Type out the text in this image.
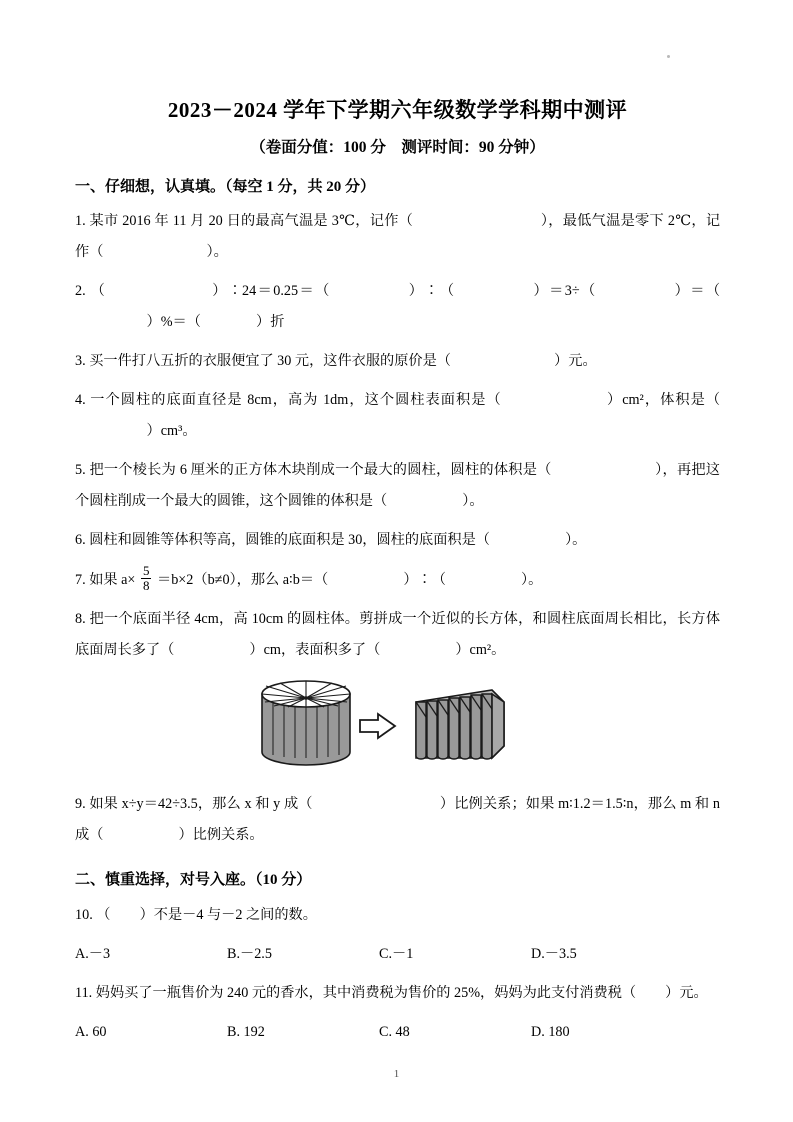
2023－2024 学年下学期六年级数学学科期中测评
（卷面分值：100 分　测评时间：90 分钟）
一、仔细想，认真填。（每空 1 分，共 20 分）

1. 某市 2016 年 11 月 20 日的最高气温是 3℃，记作（	），最低气温是零下 2℃，记作（	）。

2. （	）∶24＝0.25＝（	）∶（	）＝3÷（	）＝（  ）%＝（	）折

3. 买一件打八五折的衣服便宜了 30 元，这件衣服的原价是（	）元。

4. 一个圆柱的底面直径是 8cm，高为 1dm，这个圆柱表面积是（	）cm²，体积是（  ）cm³。

5. 把一个棱长为 6 厘米的正方体木块削成一个最大的圆柱，圆柱的体积是（	），再把这个圆柱削成一个最大的圆锥，这个圆锥的体积是（	）。

6. 圆柱和圆锥等体积等高，圆锥的底面积是 30，圆柱的底面积是（	）。

7. 如果 $a\times \frac{5}{8} =b\times 2(b\ne 0)$，那么 a∶b＝（	）∶（	）。

8. 把一个底面半径 4cm，高 10cm 的圆柱体。剪拼成一个近似的长方体，和圆柱底面周长相比，长方体底面周长多了（	）cm，表面积多了（	）cm²。

9. 如果 x÷y＝42÷3.5，那么 x 和 y 成（	）比例关系；如果 m∶1.2＝1.5∶n，那么 m 和 n 成（	）比例关系。

二、慎重选择，对号入座。（10 分）

10. （ ）不是－4 与－2 之间的数。

A.－3	B.－2.5	C.－1	D.－3.5

11. 妈妈买了一瓶售价为 240 元的香水，其中消费税为售价的 25%，妈妈为此支付消费税（ ）元。

A. 60	B. 192	C. 48	D. 180
1
